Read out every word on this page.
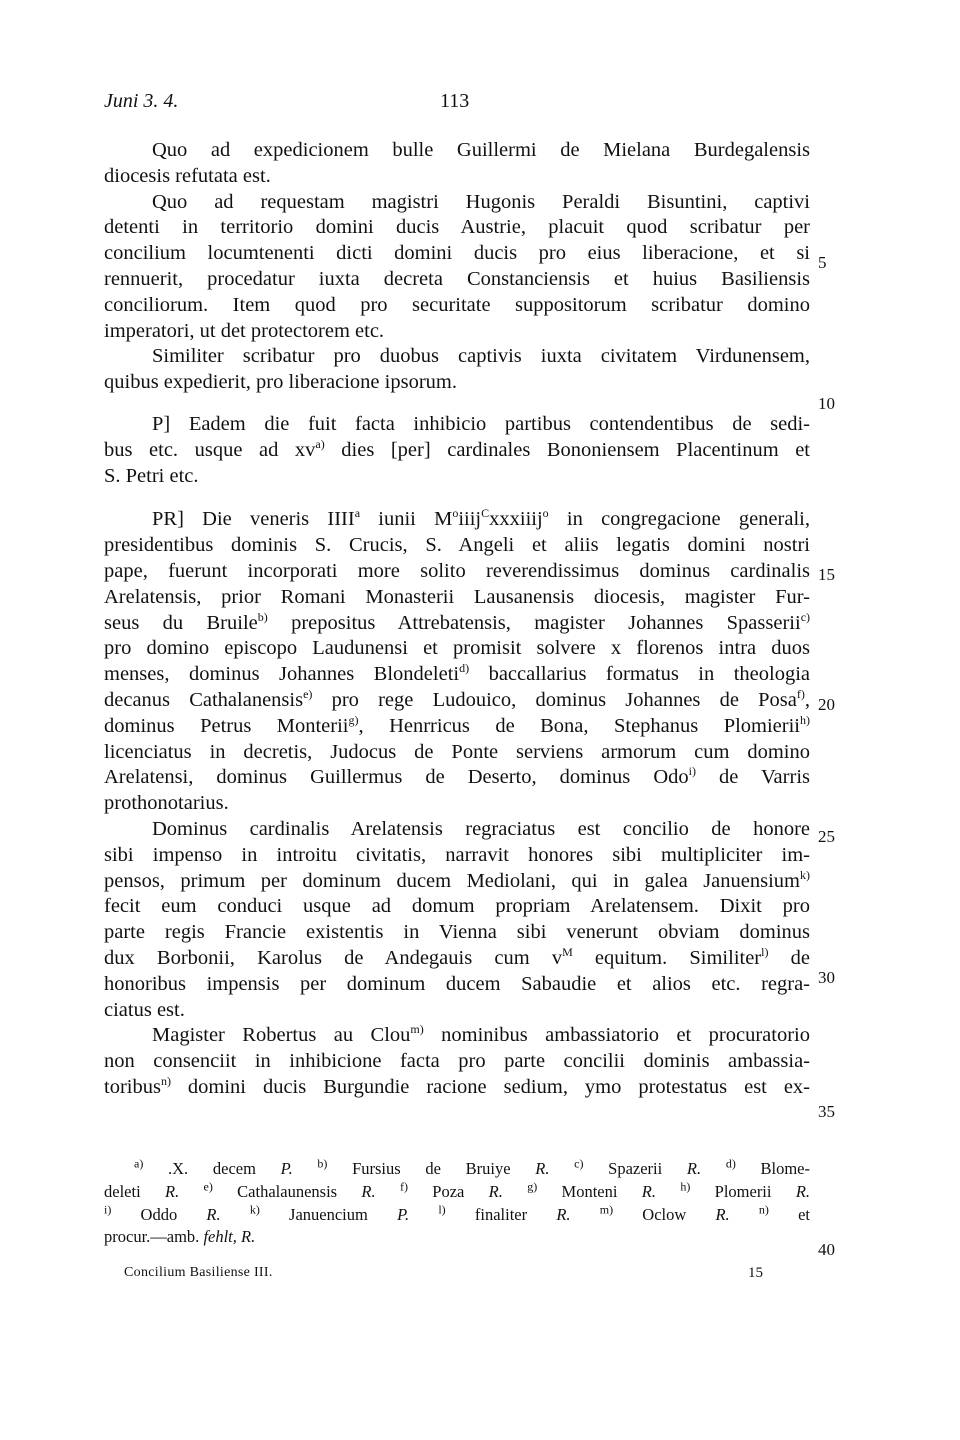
Juni 3. 4.	113
Quo ad expedicionem bulle Guillermi de Mielana Burdegalensis
diocesis refutata est.
Quo ad requestam magistri Hugonis Peraldi Bisuntini, captivi
detenti in territorio domini ducis Austrie, placuit quod scribatur per
concilium locumtenenti dicti domini ducis pro eius liberacione, et si
rennuerit, procedatur iuxta decreta Constanciensis et huius Basiliensis
conciliorum. Item quod pro securitate suppositorum scribatur domino
imperatori, ut det protectorem etc.
Similiter scribatur pro duobus captivis iuxta civitatem Virdunensem,
quibus expedierit, pro liberacione ipsorum.
P] Eadem die fuit facta inhibicio partibus contendentibus de sedi-
bus etc. usque ad $xv^{a)}$ dies [per] cardinales Bononiensem Placentinum et
S. Petri etc.
PR] Die veneris IIII$^a$ iunii $M^oiiij^Cxxxiiij^o$ in congregacione generali,
presidentibus dominis S. Crucis, S. Angeli et aliis legatis domini nostri
pape, fuerunt incorporati more solito reverendissimus dominus cardinalis
Arelatensis, prior Romani Monasterii Lausanensis diocesis, magister Fur-
seus du Bruile$^{b)}$ prepositus Attrebatensis, magister Johannes Spasserii$^{c)}$
pro domino episcopo Laudunensi et promisit solvere x florenos intra duos
menses, dominus Johannes Blondeleti$^{d)}$ baccallarius formatus in theologia
decanus Cathalanensis$^{e)}$ pro rege Ludouico, dominus Johannes de Posa$^{f)}$,
dominus Petrus Monterii$^{g)}$, Henrricus de Bona, Stephanus Plomierii$^{h)}$
licenciatus in decretis, Judocus de Ponte serviens armorum cum domino
Arelatensi, dominus Guillermus de Deserto, dominus Odo$^{i)}$ de Varris
prothonotarius.
Dominus cardinalis Arelatensis regraciatus est concilio de honore
sibi impenso in introitu civitatis, narravit honores sibi multipliciter im-
pensos, primum per dominum ducem Mediolani, qui in galea Januensium$^{k)}$
fecit eum conduci usque ad domum propriam Arelatensem. Dixit pro
parte regis Francie existentis in Vienna sibi venerunt obviam dominus
dux Borbonii, Karolus de Andegauis cum $v^M$ equitum. Similiter$^{l)}$ de
honoribus impensis per dominum ducem Sabaudie et alios etc. regra-
ciatus est.
Magister Robertus au Clou$^{m)}$ nominibus ambassiatorio et procuratorio
non consenciit in inhibicione facta pro parte concilii dominis ambassia-
toribus$^{n)}$ domini ducis Burgundie racione sedium, ymo protestatus est ex-
5
10
15
20
25
30
35
40
$^{a)}$ .X. decem P. $^{b)}$ Fursius de Bruiye R. $^{c)}$ Spazerii R. $^{d)}$ Blome-
deleti R. $^{e)}$ Cathalaunensis R. $^{f)}$ Poza R. $^{g)}$ Monteni R. $^{h)}$ Plomerii R.
$^{i)}$ Oddo R. $^{k)}$ Januencium P. $^{l)}$ finaliter R. $^{m)}$ Oclow R. $^{n)}$ et
procur.—amb. fehlt, R.
Concilium Basiliense III.	15
